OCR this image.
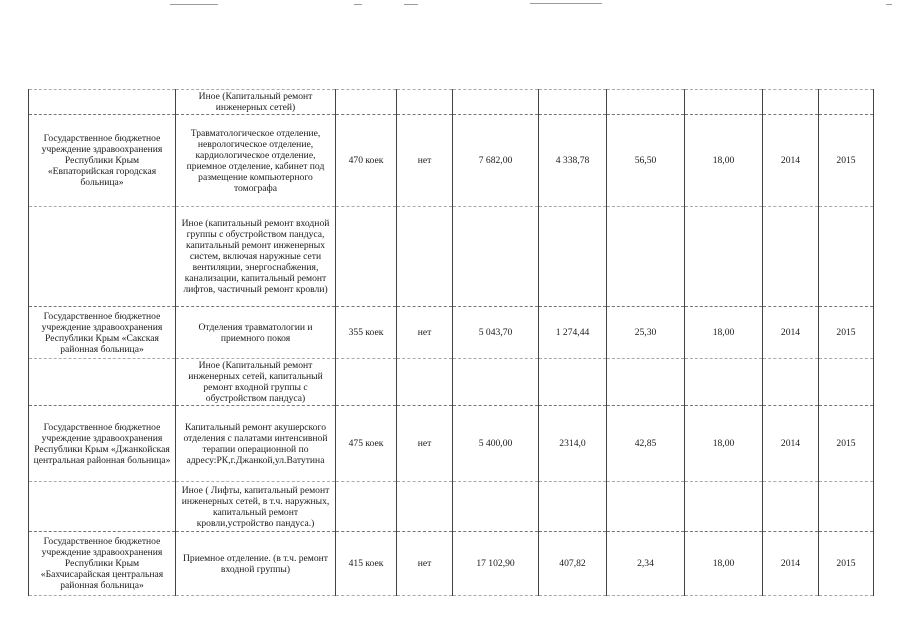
	Иное (Капитальный ремонт инженерных сетей)								
Государственное бюджетное учреждение здравоохранения Республики Крым «Евпаторийская городская больница»	Травматологическое отделение, неврологическое отделение, кардиологическое отделение, приемное отделение, кабинет под размещение компьютерного томографа	470 коек	нет	7 682,00	4 338,78	56,50	18,00	2014	2015
	Иное (капитальный ремонт входной группы с обустройством пандуса, капитальный ремонт инженерных систем, включая наружные сети вентиляции, энергоснабжения, канализации, капитальный ремонт лифтов, частичный ремонт кровли)								
Государственное бюджетное учреждение здравоохранения Республики Крым «Сакская районная больница»	Отделения травматологии и приемного покоя	355 коек	нет	5 043,70	1 274,44	25,30	18,00	2014	2015
	Иное (Капитальный ремонт инженерных сетей, капитальный ремонт входной группы с обустройством пандуса)								
Государственное бюджетное учреждение здравоохранения Республики Крым «Джанкойская центральная районная больница»	Капитальный ремонт акушерского отделения с палатами интенсивной терапии операционной по адресу:РК,г.Джанкой,ул.Ватутина	475 коек	нет	5 400,00	2314,0	42,85	18,00	2014	2015
	Иное ( Лифты, капитальный ремонт инженерных сетей, в т.ч. наружных, капитальный ремонт кровли,устройство пандуса.)								
Государственное бюджетное учреждение здравоохранения Республики Крым «Бахчисарайская центральная районная больница»	Приемное отделение. (в т.ч. ремонт входной группы)	415 коек	нет	17 102,90	407,82	2,34	18,00	2014	2015
